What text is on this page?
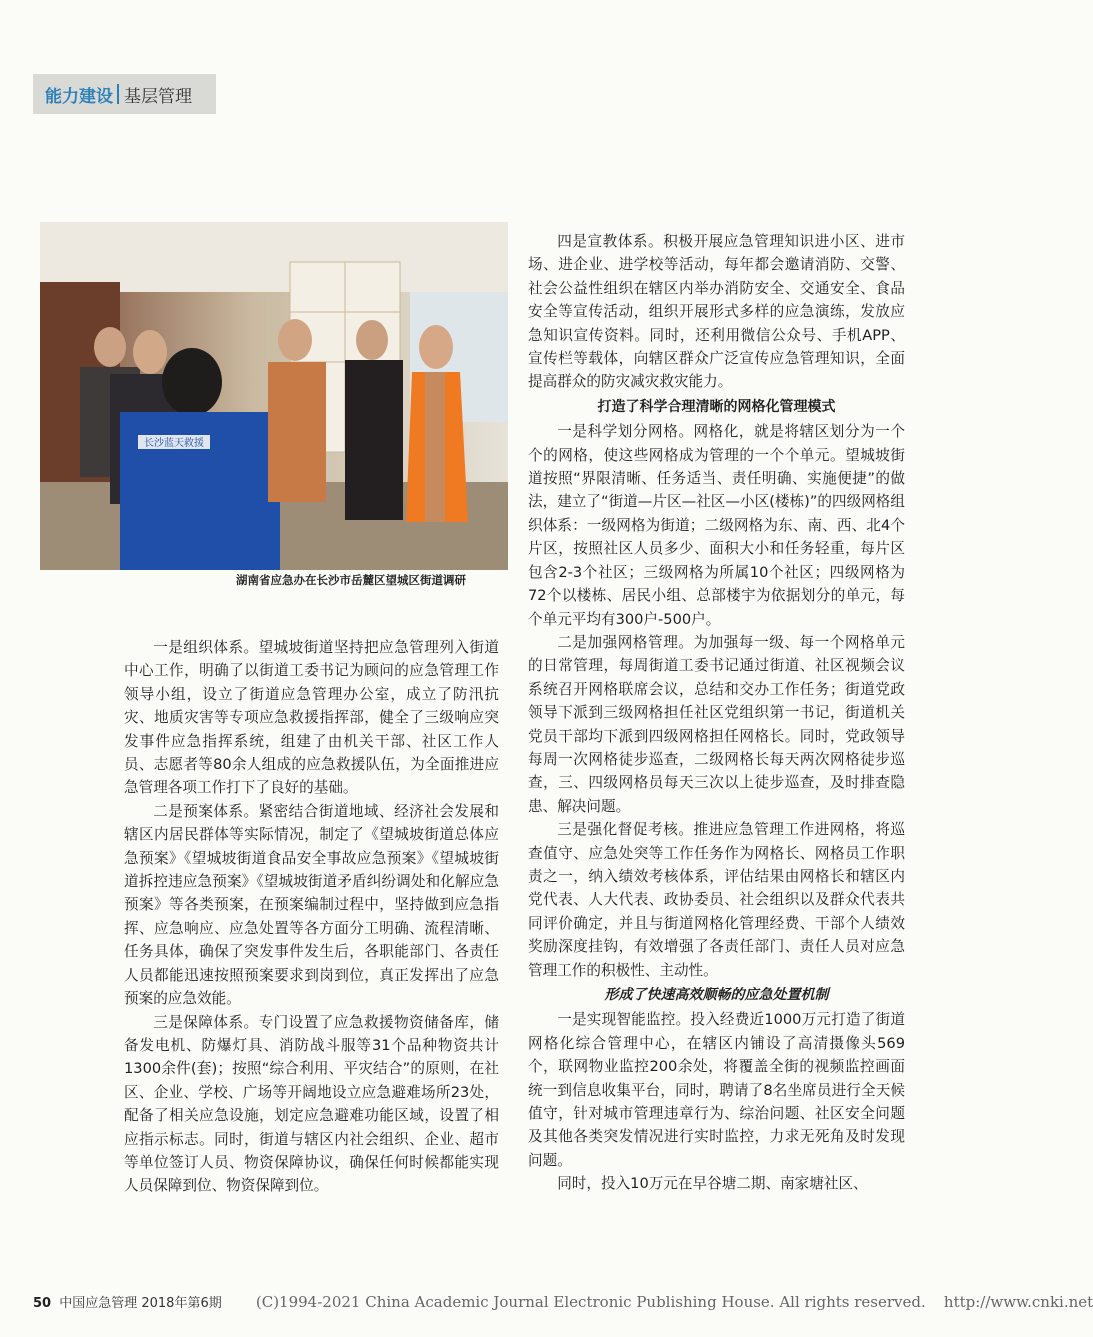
能力建设 基层管理
长沙蓝天救援
湖南省应急办在长沙市岳麓区望城区街道调研

一是组织体系。望城坡街道坚持把应急管理列入街道中心工作，明确了以街道工委书记为顾问的应急管理工作领导小组，设立了街道应急管理办公室，成立了防汛抗灾、地质灾害等专项应急救援指挥部，健全了三级响应突发事件应急指挥系统，组建了由机关干部、社区工作人员、志愿者等80余人组成的应急救援队伍，为全面推进应急管理各项工作打下了良好的基础。

二是预案体系。紧密结合街道地域、经济社会发展和辖区内居民群体等实际情况，制定了《望城坡街道总体应急预案》《望城坡街道食品安全事故应急预案》《望城坡街道拆控违应急预案》《望城坡街道矛盾纠纷调处和化解应急预案》等各类预案，在预案编制过程中，坚持做到应急指挥、应急响应、应急处置等各方面分工明确、流程清晰、任务具体，确保了突发事件发生后，各职能部门、各责任人员都能迅速按照预案要求到岗到位，真正发挥出了应急预案的应急效能。

三是保障体系。专门设置了应急救援物资储备库，储备发电机、防爆灯具、消防战斗服等31个品种物资共计1300余件(套)；按照“综合利用、平灾结合”的原则，在社区、企业、学校、广场等开阔地设立应急避难场所23处，配备了相关应急设施，划定应急避难功能区域，设置了相应指示标志。同时，街道与辖区内社会组织、企业、超市等单位签订人员、物资保障协议，确保任何时候都能实现人员保障到位、物资保障到位。

四是宣教体系。积极开展应急管理知识进小区、进市场、进企业、进学校等活动，每年都会邀请消防、交警、社会公益性组织在辖区内举办消防安全、交通安全、食品安全等宣传活动，组织开展形式多样的应急演练，发放应急知识宣传资料。同时，还利用微信公众号、手机APP、宣传栏等载体，向辖区群众广泛宣传应急管理知识，全面提高群众的防灾减灾救灾能力。

打造了科学合理清晰的网格化管理模式

一是科学划分网格。网格化，就是将辖区划分为一个个的网格，使这些网格成为管理的一个个单元。望城坡街道按照“界限清晰、任务适当、责任明确、实施便捷”的做法，建立了“街道—片区—社区—小区(楼栋)”的四级网格组织体系：一级网格为街道；二级网格为东、南、西、北4个片区，按照社区人员多少、面积大小和任务轻重，每片区包含2-3个社区；三级网格为所属10个社区；四级网格为72个以楼栋、居民小组、总部楼宇为依据划分的单元，每个单元平均有300户-500户。

二是加强网格管理。为加强每一级、每一个网格单元的日常管理，每周街道工委书记通过街道、社区视频会议系统召开网格联席会议，总结和交办工作任务；街道党政领导下派到三级网格担任社区党组织第一书记，街道机关党员干部均下派到四级网格担任网格长。同时，党政领导每周一次网格徒步巡查，二级网格长每天两次网格徒步巡查，三、四级网格员每天三次以上徒步巡查，及时排查隐患、解决问题。

三是强化督促考核。推进应急管理工作进网格，将巡查值守、应急处突等工作任务作为网格长、网格员工作职责之一，纳入绩效考核体系，评估结果由网格长和辖区内党代表、人大代表、政协委员、社会组织以及群众代表共同评价确定，并且与街道网格化管理经费、干部个人绩效奖励深度挂钩，有效增强了各责任部门、责任人员对应急管理工作的积极性、主动性。

形成了快速高效顺畅的应急处置机制

一是实现智能监控。投入经费近1000万元打造了街道网格化综合管理中心，在辖区内铺设了高清摄像头569个，联网物业监控200余处，将覆盖全街的视频监控画面统一到信息收集平台，同时，聘请了8名坐席员进行全天候值守，针对城市管理违章行为、综治问题、社区安全问题及其他各类突发情况进行实时监控，力求无死角及时发现问题。

同时，投入10万元在早谷塘二期、南家塘社区、

50 中国应急管理 2018年第6期 (C)1994-2021 China Academic Journal Electronic Publishing House. All rights reserved. http://www.cnki.net
